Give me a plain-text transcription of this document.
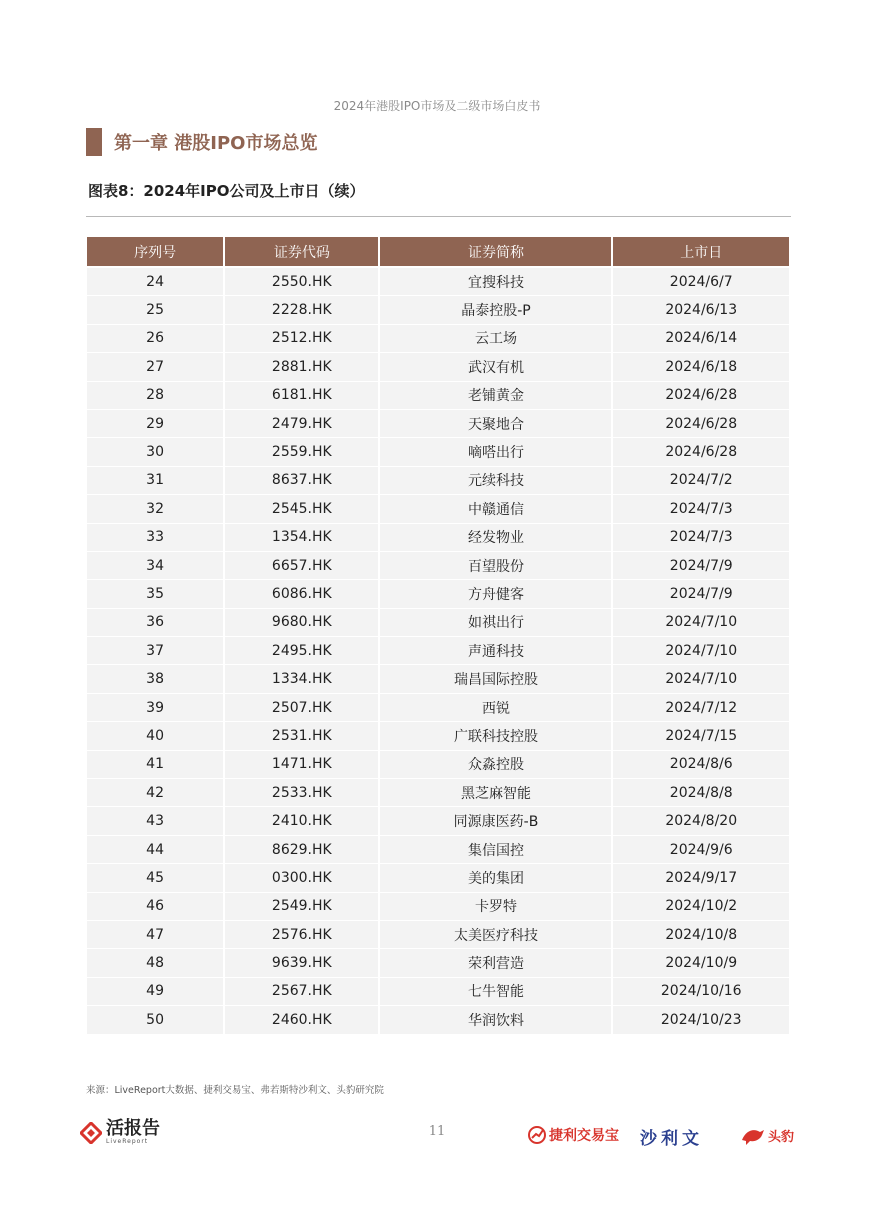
2024年港股IPO市场及二级市场白皮书
第一章 港股IPO市场总览
图表8：2024年IPO公司及上市日（续）
序列号	证券代码	证券简称	上市日
24	2550.HK	宜搜科技	2024/6/7
25	2228.HK	晶泰控股-P	2024/6/13
26	2512.HK	云工场	2024/6/14
27	2881.HK	武汉有机	2024/6/18
28	6181.HK	老铺黄金	2024/6/28
29	2479.HK	天聚地合	2024/6/28
30	2559.HK	嘀嗒出行	2024/6/28
31	8637.HK	元续科技	2024/7/2
32	2545.HK	中赣通信	2024/7/3
33	1354.HK	经发物业	2024/7/3
34	6657.HK	百望股份	2024/7/9
35	6086.HK	方舟健客	2024/7/9
36	9680.HK	如祺出行	2024/7/10
37	2495.HK	声通科技	2024/7/10
38	1334.HK	瑞昌国际控股	2024/7/10
39	2507.HK	西锐	2024/7/12
40	2531.HK	广联科技控股	2024/7/15
41	1471.HK	众淼控股	2024/8/6
42	2533.HK	黑芝麻智能	2024/8/8
43	2410.HK	同源康医药-B	2024/8/20
44	8629.HK	集信国控	2024/9/6
45	0300.HK	美的集团	2024/9/17
46	2549.HK	卡罗特	2024/10/2
47	2576.HK	太美医疗科技	2024/10/8
48	9639.HK	荣利营造	2024/10/9
49	2567.HK	七牛智能	2024/10/16
50	2460.HK	华润饮料	2024/10/23
来源：LiveReport大数据、捷利交易宝、弗若斯特沙利文、头豹研究院
活报告
LiveReport
11	捷利交易宝 沙利文	头豹
